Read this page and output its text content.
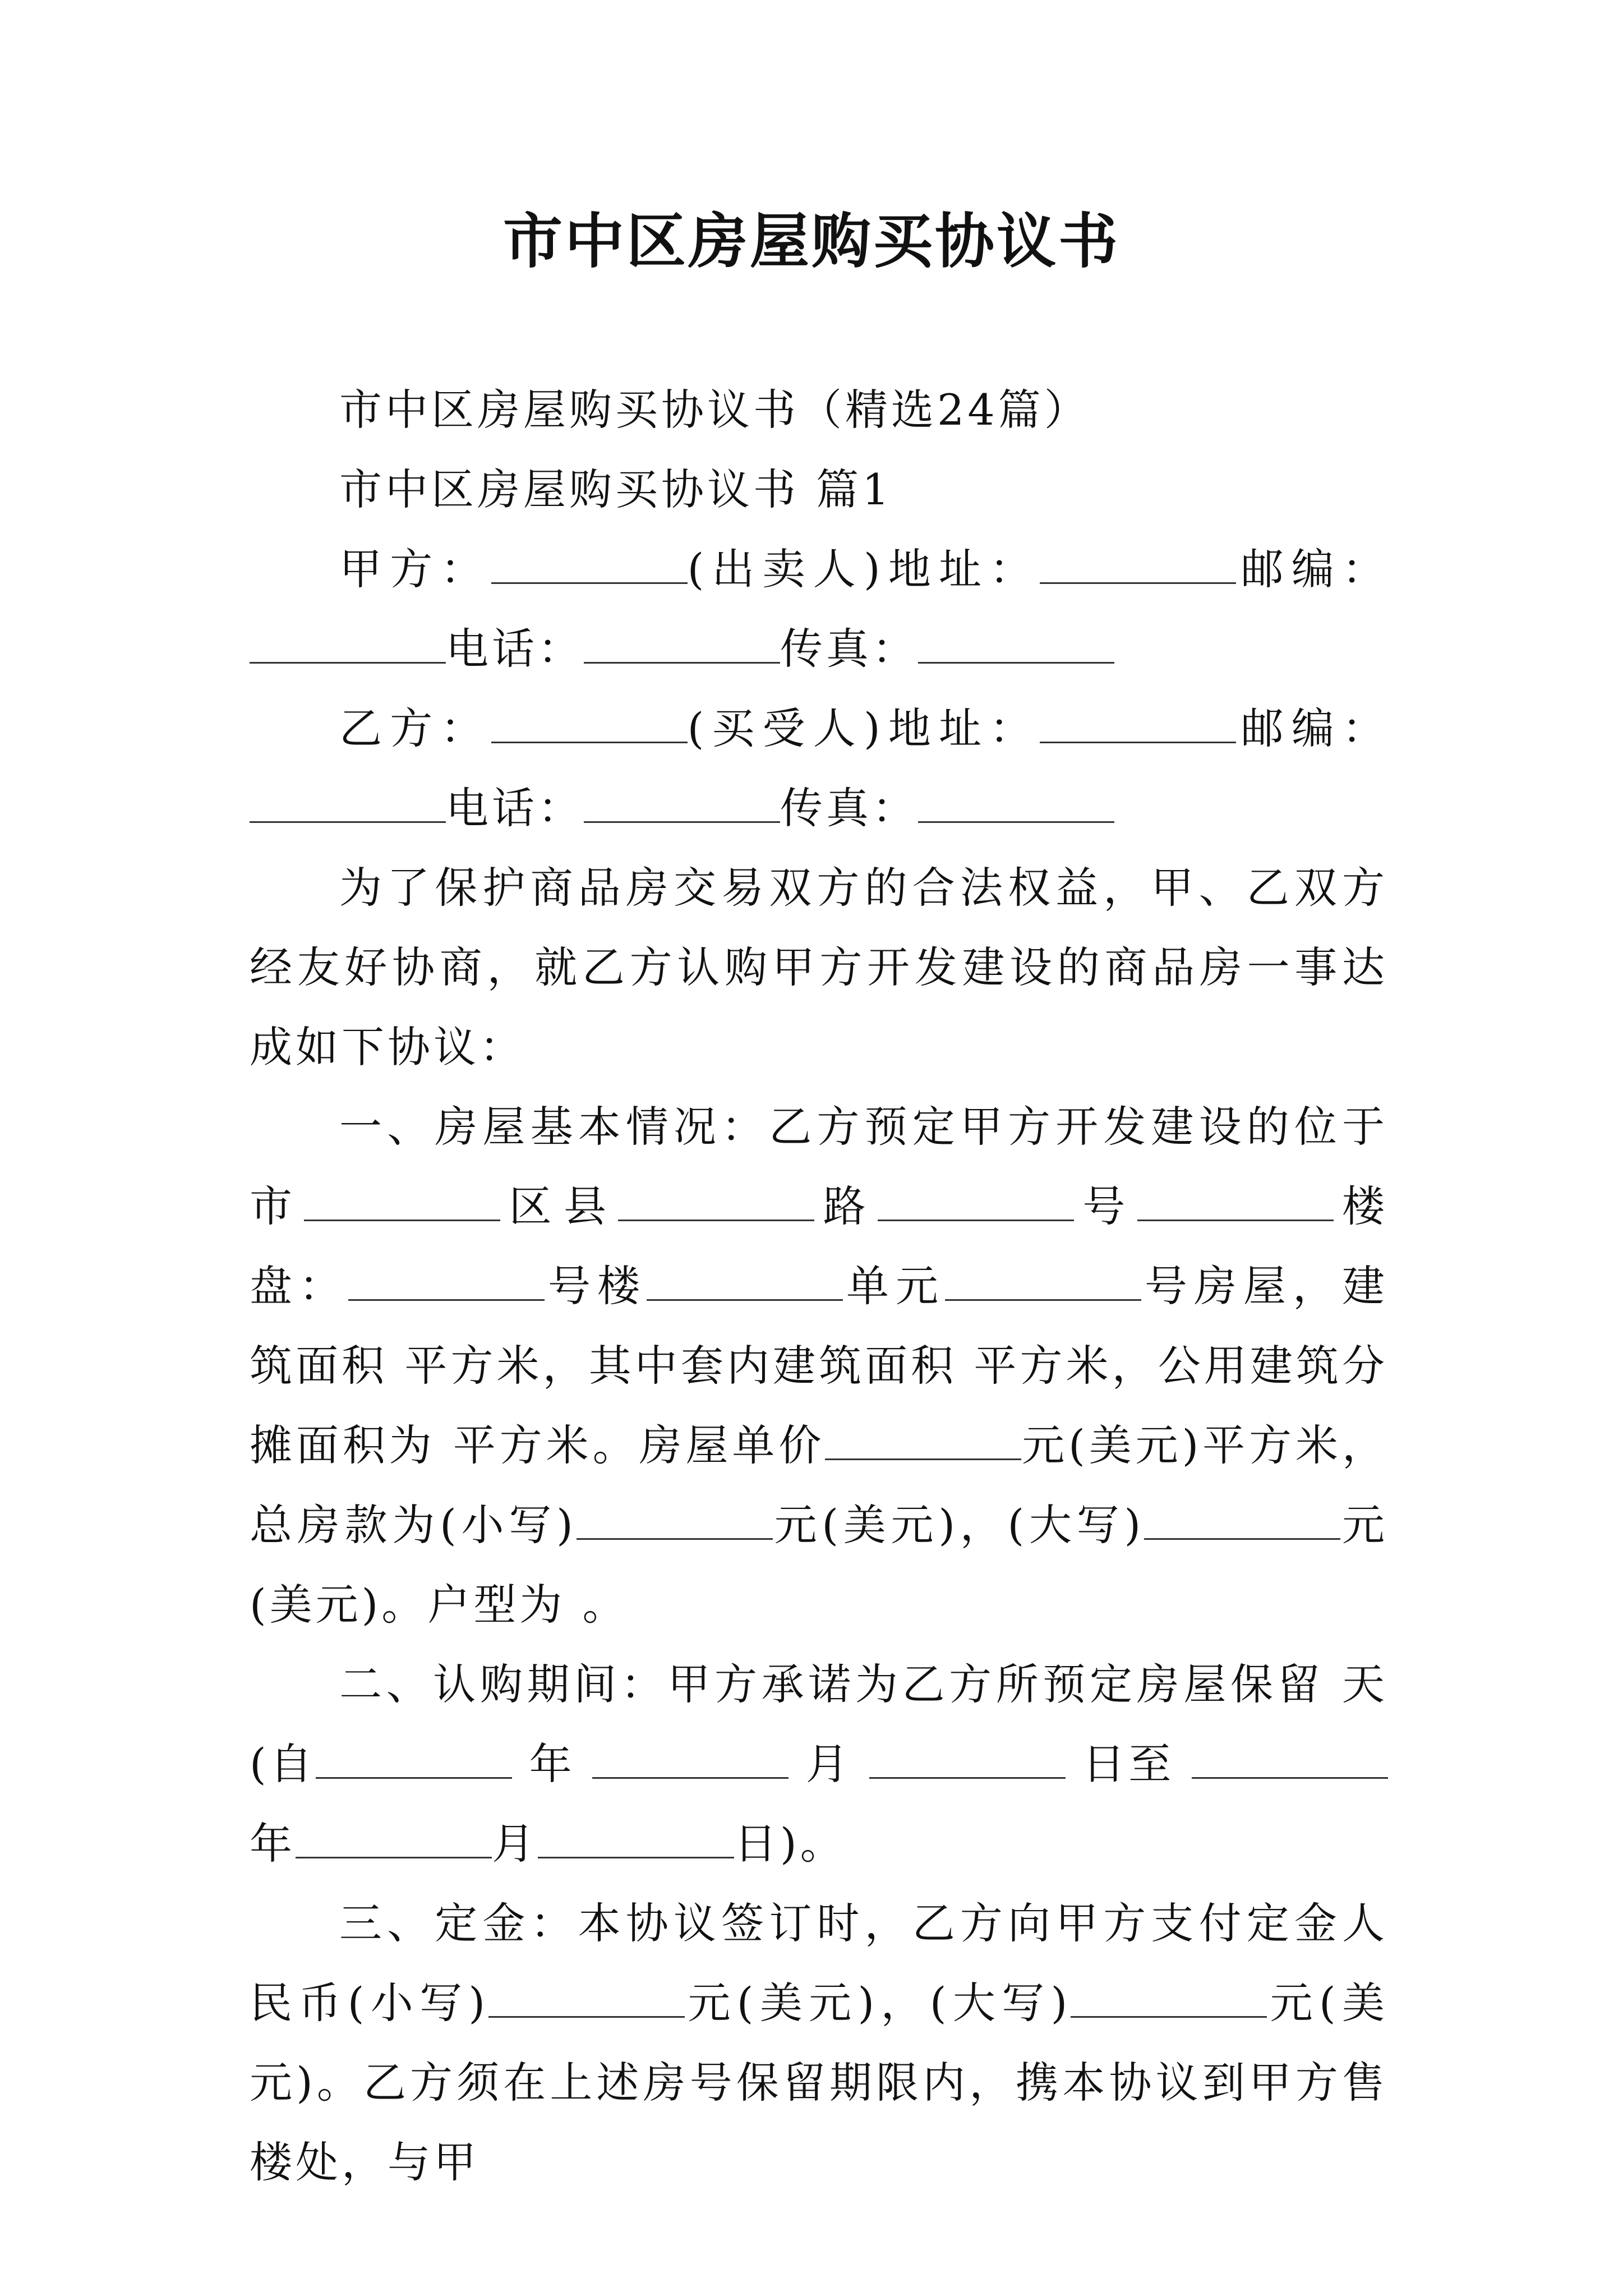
市中区房屋购买协议书

市中区房屋购买协议书（精选24篇）

市中区房屋购买协议书 篇1

甲方：	(出卖人)地址：	邮编：电话：	传真：

乙方：	(买受人)地址：	邮编：电话：	传真：

为了保护商品房交易双方的合法权益，甲、乙双方经友好协商，就乙方认购甲方开发建设的商品房一事达成如下协议：

一、房屋基本情况：乙方预定甲方开发建设的位于 市	区县	路	号	楼盘：	号楼	单元	号房屋，建筑面积 平方米，其中套内建筑面积 平方米，公用建筑分摊面积为 平方米。房屋单价	元(美元)平方米， 总房款为(小写)	元(美元)，(大写)	元(美元)。户型为 。

二、认购期间：甲方承诺为乙方所预定房屋保留 天(自	年	月	日至  年	月	日)。

三、定金：本协议签订时，乙方向甲方支付定金人民币(小写)	元(美元)，(大写)	元(美元)。乙方须在上述房号保留期限内，携本协议到甲方售楼处，与甲
